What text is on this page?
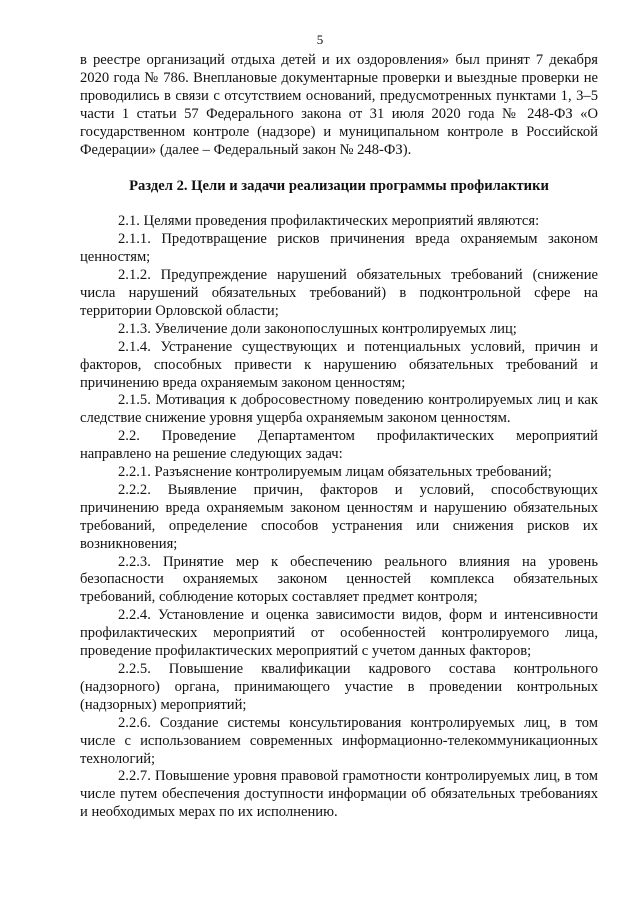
5

в реестре организаций отдыха детей и их оздоровления» был принят 7 декабря 2020 года № 786. Внеплановые документарные проверки и выездные проверки не проводились в связи с отсутствием оснований, предусмотренных пунктами 1, 3–5 части 1 статьи 57 Федерального закона от 31 июля 2020 года № 248-ФЗ «О государственном контроле (надзоре) и муниципальном контроле в Российской Федерации» (далее – Федеральный закон № 248-ФЗ).

Раздел 2. Цели и задачи реализации программы профилактики

2.1. Целями проведения профилактических мероприятий являются:

2.1.1. Предотвращение рисков причинения вреда охраняемым законом ценностям;

2.1.2. Предупреждение нарушений обязательных требований (снижение числа нарушений обязательных требований) в подконтрольной сфере на территории Орловской области;

2.1.3. Увеличение доли законопослушных контролируемых лиц;

2.1.4. Устранение существующих и потенциальных условий, причин и факторов, способных привести к нарушению обязательных требований и причинению вреда охраняемым законом ценностям;

2.1.5. Мотивация к добросовестному поведению контролируемых лиц и как следствие снижение уровня ущерба охраняемым законом ценностям.

2.2. Проведение Департаментом профилактических мероприятий направлено на решение следующих задач:

2.2.1. Разъяснение контролируемым лицам обязательных требований;

2.2.2. Выявление причин, факторов и условий, способствующих причинению вреда охраняемым законом ценностям и нарушению обязательных требований, определение способов устранения или снижения рисков их возникновения;

2.2.3. Принятие мер к обеспечению реального влияния на уровень безопасности охраняемых законом ценностей комплекса обязательных требований, соблюдение которых составляет предмет контроля;

2.2.4. Установление и оценка зависимости видов, форм и интенсивности профилактических мероприятий от особенностей контролируемого лица, проведение профилактических мероприятий с учетом данных факторов;

2.2.5. Повышение квалификации кадрового состава контрольного (надзорного) органа, принимающего участие в проведении контрольных (надзорных) мероприятий;

2.2.6. Создание системы консультирования контролируемых лиц, в том числе с использованием современных информационно-телекоммуникационных технологий;

2.2.7. Повышение уровня правовой грамотности контролируемых лиц, в том числе путем обеспечения доступности информации об обязательных требованиях и необходимых мерах по их исполнению.
